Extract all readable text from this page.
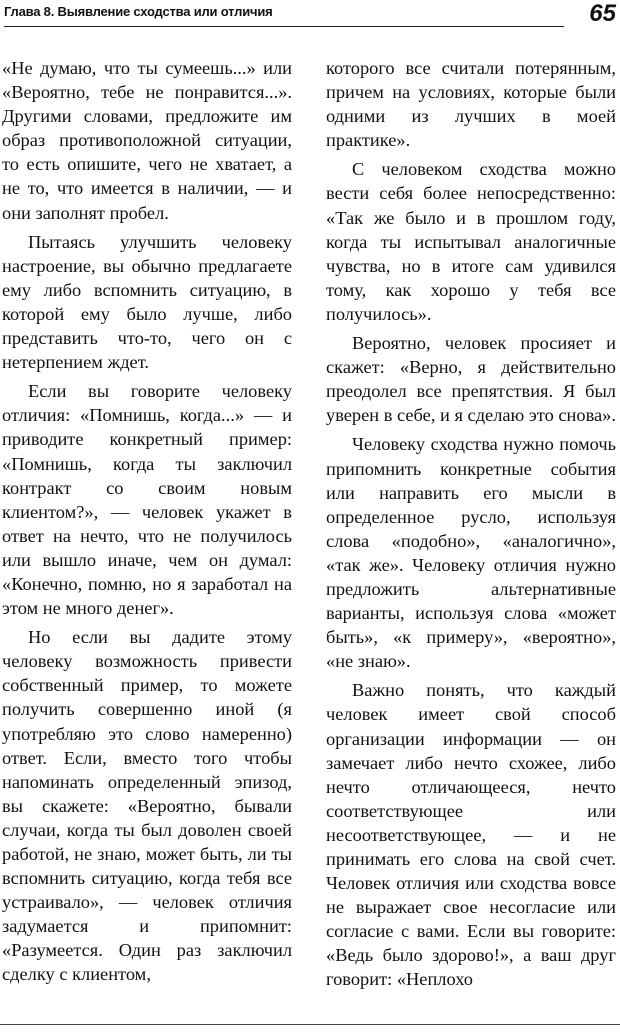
Глава 8. Выявление сходства или отличия	65

«Не думаю, что ты сумеешь...» или «Вероятно, тебе не понравится...». Другими словами, предложите им образ противоположной ситуации, то есть опишите, чего не хватает, а не то, что имеется в наличии, — и они заполнят пробел.

Пытаясь улучшить человеку настроение, вы обычно предлагаете ему либо вспомнить ситуацию, в которой ему было лучше, либо представить что-то, чего он с нетерпением ждет.

Если вы говорите человеку отличия: «Помнишь, когда...» — и приводите конкретный пример: «Помнишь, когда ты заключил контракт со своим новым клиентом?», — человек укажет в ответ на нечто, что не получилось или вышло иначе, чем он думал: «Конечно, помню, но я заработал на этом не много денег».

Но если вы дадите этому человеку возможность привести собственный пример, то можете получить совершенно иной (я употребляю это слово намеренно) ответ. Если, вместо того чтобы напоминать определенный эпизод, вы скажете: «Вероятно, бывали случаи, когда ты был доволен своей работой, не знаю, может быть, ли ты вспомнить ситуацию, когда тебя все устраивало», — человек отличия задумается и припомнит: «Разумеется. Один раз заключил сделку с клиентом,

которого все считали потерянным, причем на условиях, которые были одними из лучших в моей практике».

С человеком сходства можно вести себя более непосредственно: «Так же было и в прошлом году, когда ты испытывал аналогичные чувства, но в итоге сам удивился тому, как хорошо у тебя все получилось».

Вероятно, человек просияет и скажет: «Верно, я действительно преодолел все препятствия. Я был уверен в себе, и я сделаю это снова».

Человеку сходства нужно помочь припомнить конкретные события или направить его мысли в определенное русло, используя слова «подобно», «аналогично», «так же». Человеку отличия нужно предложить альтернативные варианты, используя слова «может быть», «к примеру», «вероятно», «не знаю».

Важно понять, что каждый человек имеет свой способ организации информации — он замечает либо нечто схожее, либо нечто отличающееся, нечто соответствующее или несоответствующее, — и не принимать его слова на свой счет. Человек отличия или сходства вовсе не выражает свое несогласие или согласие с вами. Если вы говорите: «Ведь было здорово!», а ваш друг говорит: «Неплохо
